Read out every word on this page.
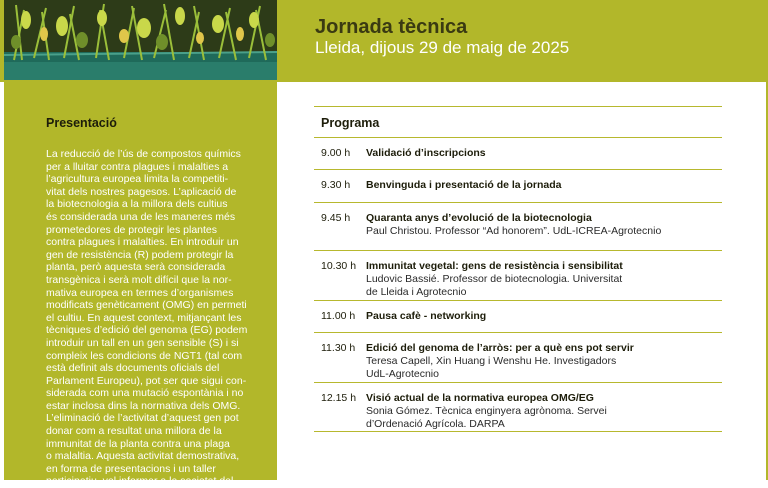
Jornada tècnica
Lleida, dijous 29 de maig de 2025
Presentació
La reducció de l’ús de compostos químics
per a lluitar contra plagues i malalties a
l’agricultura europea limita la competiti-
vitat dels nostres pagesos. L’aplicació de
la biotecnologia a la millora dels cultius
és considerada una de les maneres més
prometedores de protegir les plantes
contra plagues i malalties. En introduir un
gen de resistència (R) podem protegir la
planta, però aquesta serà considerada
transgènica i serà molt difícil que la nor-
mativa europea en termes d’organismes
modificats genèticament (OMG) en permeti
el cultiu. En aquest context, mitjançant les
tècniques d’edició del genoma (EG) podem
introduir un tall en un gen sensible (S) i si
compleix les condicions de NGT1 (tal com
està definit als documents oficials del
Parlament Europeu), pot ser que sigui con-
siderada com una mutació espontània i no
estar inclosa dins la normativa dels OMG.
L’eliminació de l’activitat d’aquest gen pot
donar com a resultat una millora de la
immunitat de la planta contra una plaga
o malaltia. Aquesta activitat demostrativa,
en forma de presentacions i un taller
participatiu, vol informar a la societat del
Programa
9.00 h	Validació d’inscripcions
9.30 h	Benvinguda i presentació de la jornada
9.45 h	Quaranta anys d’evolució de la biotecnologia
Paul Christou. Professor “Ad honorem”. UdL-ICREA-Agrotecnio
10.30 h Immunitat vegetal: gens de resistència i sensibilitat
Ludovic Bassié. Professor de biotecnologia. Universitat
de Lleida i Agrotecnio
11.00 h	Pausa cafè - networking
11.30 h	Edició del genoma de l’arròs: per a què ens pot servir
Teresa Capell, Xin Huang i Wenshu He. Investigadors
UdL-Agrotecnio
12.15 h Visió actual de la normativa europea OMG/EG
Sonia Gómez. Tècnica enginyera agrònoma. Servei
d’Ordenació Agrícola. DARPA
